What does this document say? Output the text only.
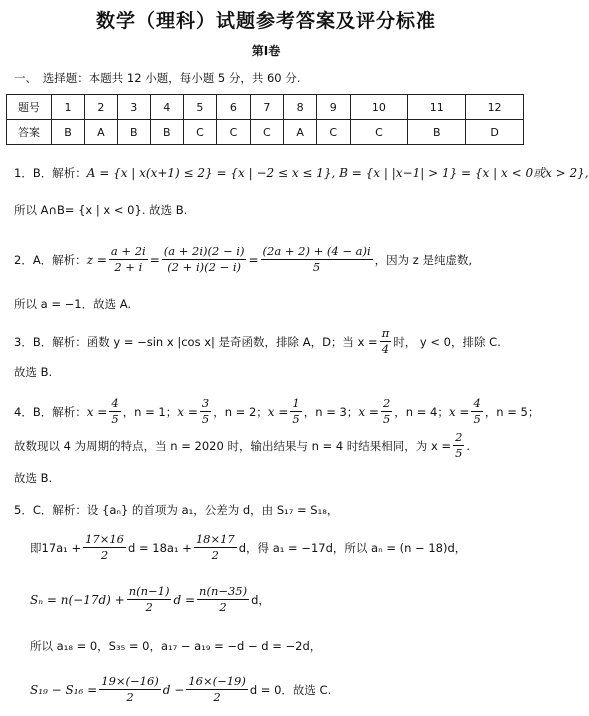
数学（理科）试题参考答案及评分标准
第Ⅰ卷
一、　选择题：本题共 12 小题，每小题 5 分，共 60 分.
题号	1	2	3	4	5	6	7	8	9	10	11	12
答案	B	A	B	B	C	C	C	A	C	C	B	D
1．B．解析： A = {x | x(x+1) ≤ 2} = {x | −2 ≤ x ≤ 1}, B = {x | |x−1| > 1} = {x | x < 0或x > 2},
所以 A∩B= {x | x < 0}. 故选 B.
2．A．解析： $z = \frac{a + 2i}{2 + i} = \frac{(a + 2i)(2 - i)}{(2 + i)(2 - i)} = \frac{(2a + 2) + (4 - a)i}{5}$ ，因为 z 是纯虚数,
所以 a = −1．故选 A.
3．B．解析：函数 y = −sin x |cos x| 是奇函数，排除 A，D；当 $x = \frac{\pi}{4}$ 时， y < 0，排除 C.
故选 B.
4．B．解析： $x = \frac{4}{5}$ ，n = 1； $x = \frac{3}{5}$ ，n = 2； $x = \frac{1}{5}$ ，n = 3； $x = \frac{2}{5}$ ，n = 4； $x = \frac{4}{5}$ ，n = 5；
故数现以 4 为周期的特点，当 n = 2020 时，输出结果与 n = 4 时结果相同，为 $x = \frac{2}{5}$ .
故选 B.
5．C．解析：设 {aₙ} 的首项为 a₁，公差为 d，由 S₁₇ = S₁₈，
即$17a_1 + \frac{17\times 16}{2}$ $d = 18a_1 + \frac{18\times 17}{2}$ d，得 a₁ = −17d，所以 aₙ = (n − 18)d，
$S_n = n(-17d) + \frac{n(n-1)}{2}$ $d = \frac{n(n-35)}{2}$ d，
所以 a₁₈ = 0，S₃₅ = 0，a₁₇ − a₁₉ = −d − d = −2d，
$S_{19} - S_{16} = \frac{19\times(-16)}{2}$ $d - \frac{16\times(-19)}{2}$ d = 0．故选 C.
